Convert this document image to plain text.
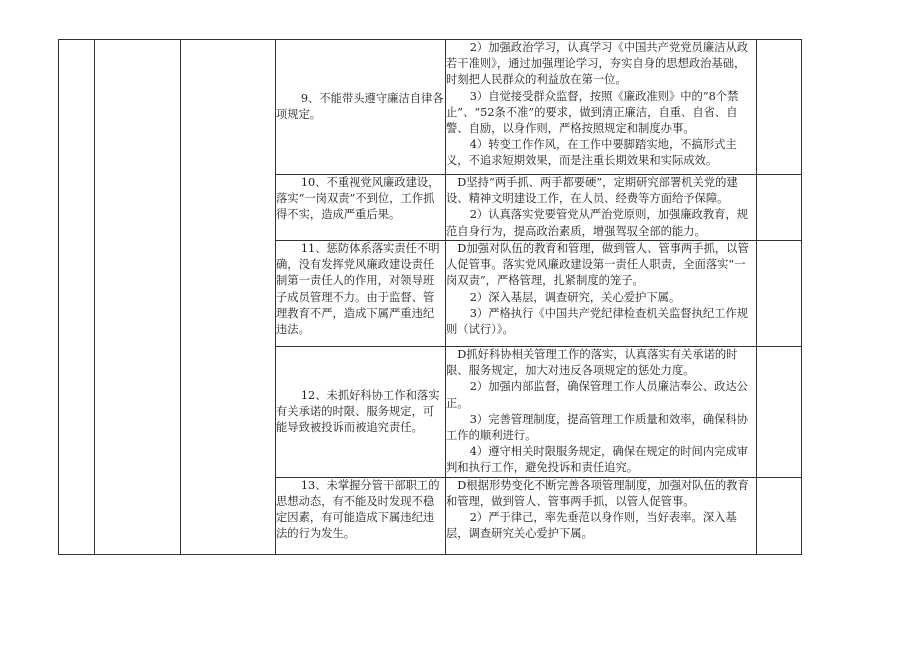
			9、不能带头遵守廉洁自律各项规定。	2）加强政治学习，认真学习《中国共产党党员廉洁从政若干准则》，通过加强理论学习，夯实自身的思想政治基础，时刻把人民群众的利益放在第一位。

3）自觉接受群众监督，按照《廉政准则》中的“8个禁止”、“52条不准”的要求，做到清正廉洁，自重、自省、自警、自励，以身作则，严格按照规定和制度办事。

4）转变工作作风，在工作中要脚踏实地，不搞形式主义，不追求短期效果，而是注重长期效果和实际成效。	

			10、不重视党风廉政建设，落实“一岗双责”不到位，工作抓得不实，造成严重后果。	D坚持“两手抓、两手都要硬”，定期研究部署机关党的建设、精神文明建设工作，在人员、经费等方面给予保障。

2）认真落实党要管党从严治党原则，加强廉政教育，规范自身行为，提高政治素质，增强驾驭全部的能力。	

			11、惩防体系落实责任不明确，没有发挥党风廉政建设责任制第一责任人的作用，对领导班子成员管理不力。由于监督、管理教育不严，造成下属严重违纪违法。	D加强对队伍的教育和管理，做到管人、管事两手抓，以管人促管事。落实党风廉政建设第一责任人职责，全面落实“一岗双责”，严格管理，扎紧制度的笼子。

2）深入基层，调查研究，关心爱护下属。

3）严格执行《中国共产党纪律检查机关监督执纪工作规则（试行）》。	

			12、未抓好科协工作和落实有关承诺的时限、服务规定，可能导致被投诉而被追究责任。	D抓好科协相关管理工作的落实，认真落实有关承诺的时限、服务规定，加大对违反各项规定的惩处力度。

2）加强内部监督，确保管理工作人员廉洁奉公、政达公正。

3）完善管理制度，提高管理工作质量和效率，确保科协工作的顺利进行。

4）遵守相关时限服务规定，确保在规定的时间内完成审判和执行工作，避免投诉和责任追究。	

			13、未掌握分管干部职工的思想动态，有不能及时发现不稳定因素，有可能造成下属违纪违法的行为发生。	D根据形势变化不断完善各项管理制度，加强对队伍的教育和管理，做到管人、管事两手抓，以管人促管事。

2）严于律己，率先垂范以身作则，当好表率。深入基层，调查研究关心爱护下属。	
